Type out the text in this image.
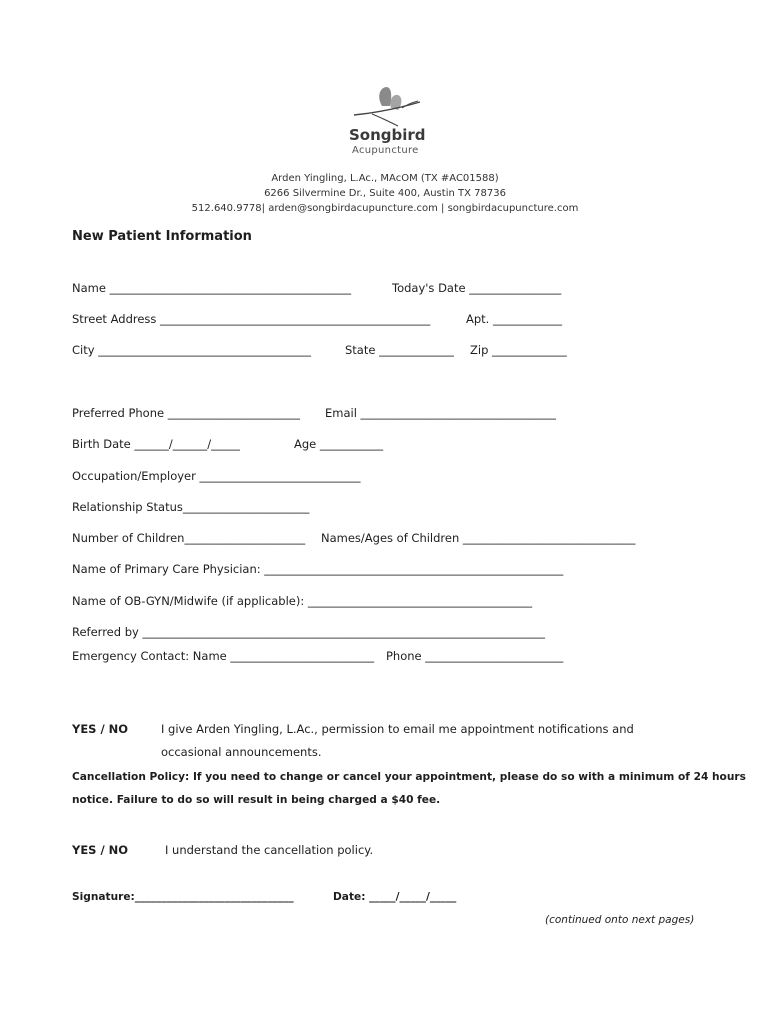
Songbird
Acupuncture
Arden Yingling, L.Ac., MAcOM (TX #AC01588)
6266 Silvermine Dr., Suite 400, Austin TX 78736
512.640.9778| arden@songbirdacupuncture.com | songbirdacupuncture.com
New Patient Information
Name __________________________________________	Today's Date ________________
Street Address _______________________________________________	Apt. ____________
City _____________________________________	State _____________ Zip _____________
Preferred Phone _______________________ Email __________________________________
Birth Date ______/______/_____	Age ___________
Occupation/Employer ____________________________
Relationship Status______________________
Number of Children_____________________ Names/Ages of Children ______________________________
Name of Primary Care Physician: ____________________________________________________
Name of OB-GYN/Midwife (if applicable): _______________________________________
Referred by ______________________________________________________________________
Emergency Contact: Name _________________________ Phone ________________________
YES / NO	I give Arden Yingling, L.Ac., permission to email me appointment notifications and
occasional announcements.
Cancellation Policy: If you need to change or cancel your appointment, please do so with a minimum of 24 hours
notice. Failure to do so will result in being charged a $40 fee.
YES / NO	I understand the cancellation policy.
Signature:______________________________	Date: _____/_____/_____
(continued onto next pages)
